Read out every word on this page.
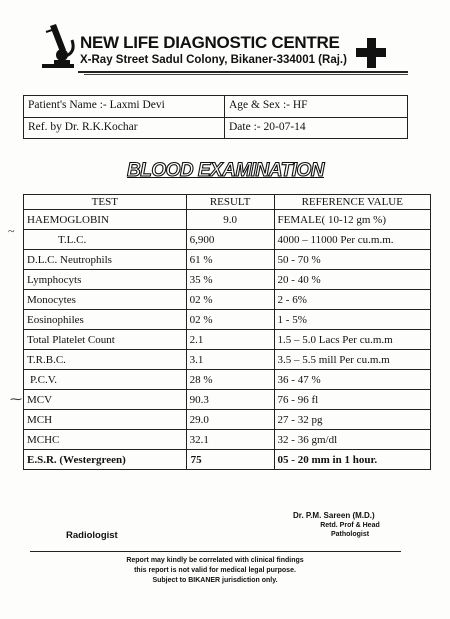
NEW LIFE DIAGNOSTIC CENTRE
X-Ray Street Sadul Colony, Bikaner-334001 (Raj.)
Patient's Name :- Laxmi Devi	Age & Sex :- HF
Ref. by Dr. R.K.Kochar	Date :- 20-07-14
BLOOD EXAMINATION
TEST	RESULT	REFERENCE VALUE
HAEMOGLOBIN	9.0	FEMALE( 10-12 gm %)
T.L.C.	6,900	4000 – 11000 Per cu.m.m.
D.L.C. Neutrophils	61 %	50 - 70 %
Lymphocyts	35 %	20 - 40 %
Monocytes	02 %	2 - 6%
Eosinophiles	02 %	1 - 5%
Total Platelet Count	2.1	1.5 – 5.0 Lacs Per cu.m.m
T.R.B.C.	3.1	3.5 – 5.5 mill Per cu.m.m
P.C.V.	28 %	36 - 47 %
MCV	90.3	76 - 96 fl
MCH	29.0	27 - 32 pg
MCHC	32.1	32 - 36 gm/dl
E.S.R. (Westergreen)	75	05 - 20 mm in 1 hour.
~
⁓
Radiologist
Dr. P.M. Sareen (M.D.)
Retd. Prof & Head
Pathologist
Report may kindly be correlated with clinical findings
this report is not valid for medical legal purpose.
Subject to BIKANER jurisdiction only.
